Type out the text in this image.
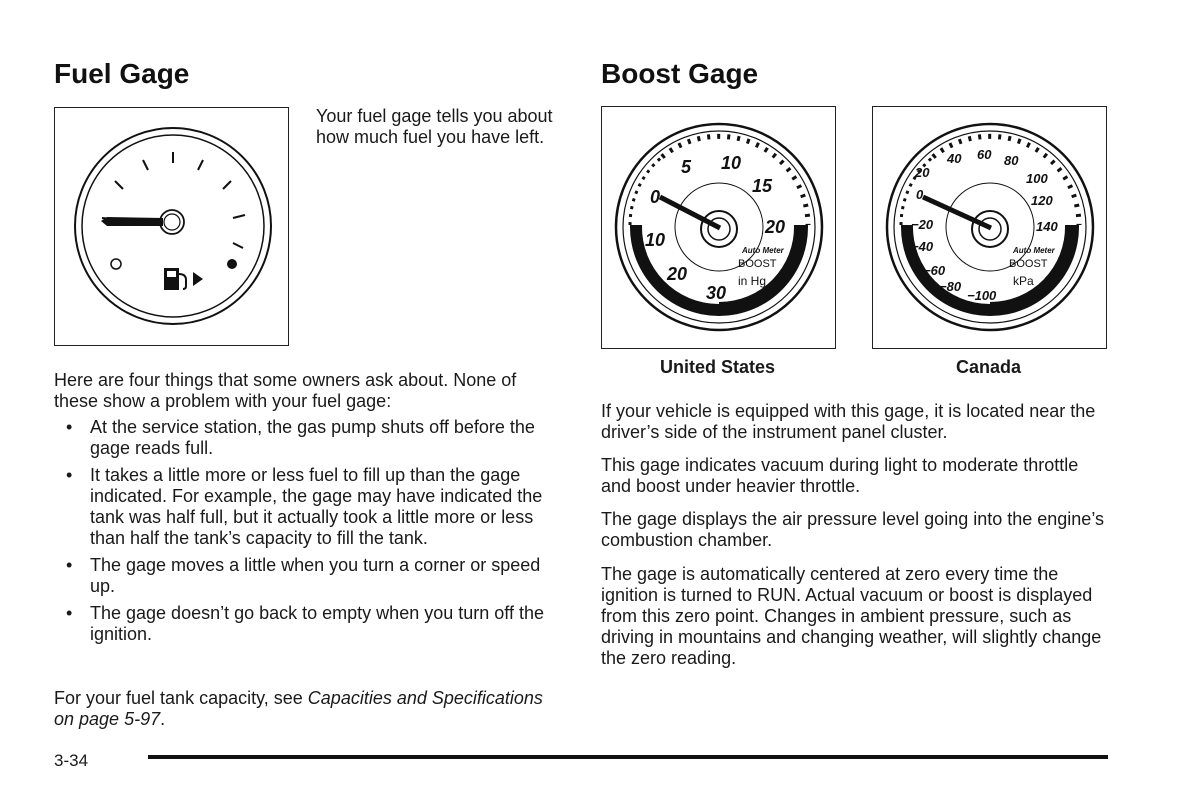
Fuel Gage

Your fuel gage tells you about how much fuel you have left.

Here are four things that some owners ask about. None of these show a problem with your fuel gage:

• At the service station, the gas pump shuts off before the gage reads full.
• It takes a little more or less fuel to fill up than the gage indicated. For example, the gage may have indicated the tank was half full, but it actually took a little more or less than half the tank’s capacity to fill the tank.
• The gage moves a little when you turn a corner or speed up.
• The gage doesn’t go back to empty when you turn off the ignition.

For your fuel tank capacity, see Capacities and Specifications on page 5-97.

Boost Gage
0
5 10
15
20
10
20
30
Auto Meter
BOOST
in Hg
United States
0
20
40 60 80
100
120
140
−20
−40
−60
−80
−100
Auto Meter
BOOST
kPa
Canada

If your vehicle is equipped with this gage, it is located near the driver’s side of the instrument panel cluster.

This gage indicates vacuum during light to moderate throttle and boost under heavier throttle.

The gage displays the air pressure level going into the engine’s combustion chamber.

The gage is automatically centered at zero every time the ignition is turned to RUN. Actual vacuum or boost is displayed from this zero point. Changes in ambient pressure, such as driving in mountains and changing weather, will slightly change the zero reading.

3-34
